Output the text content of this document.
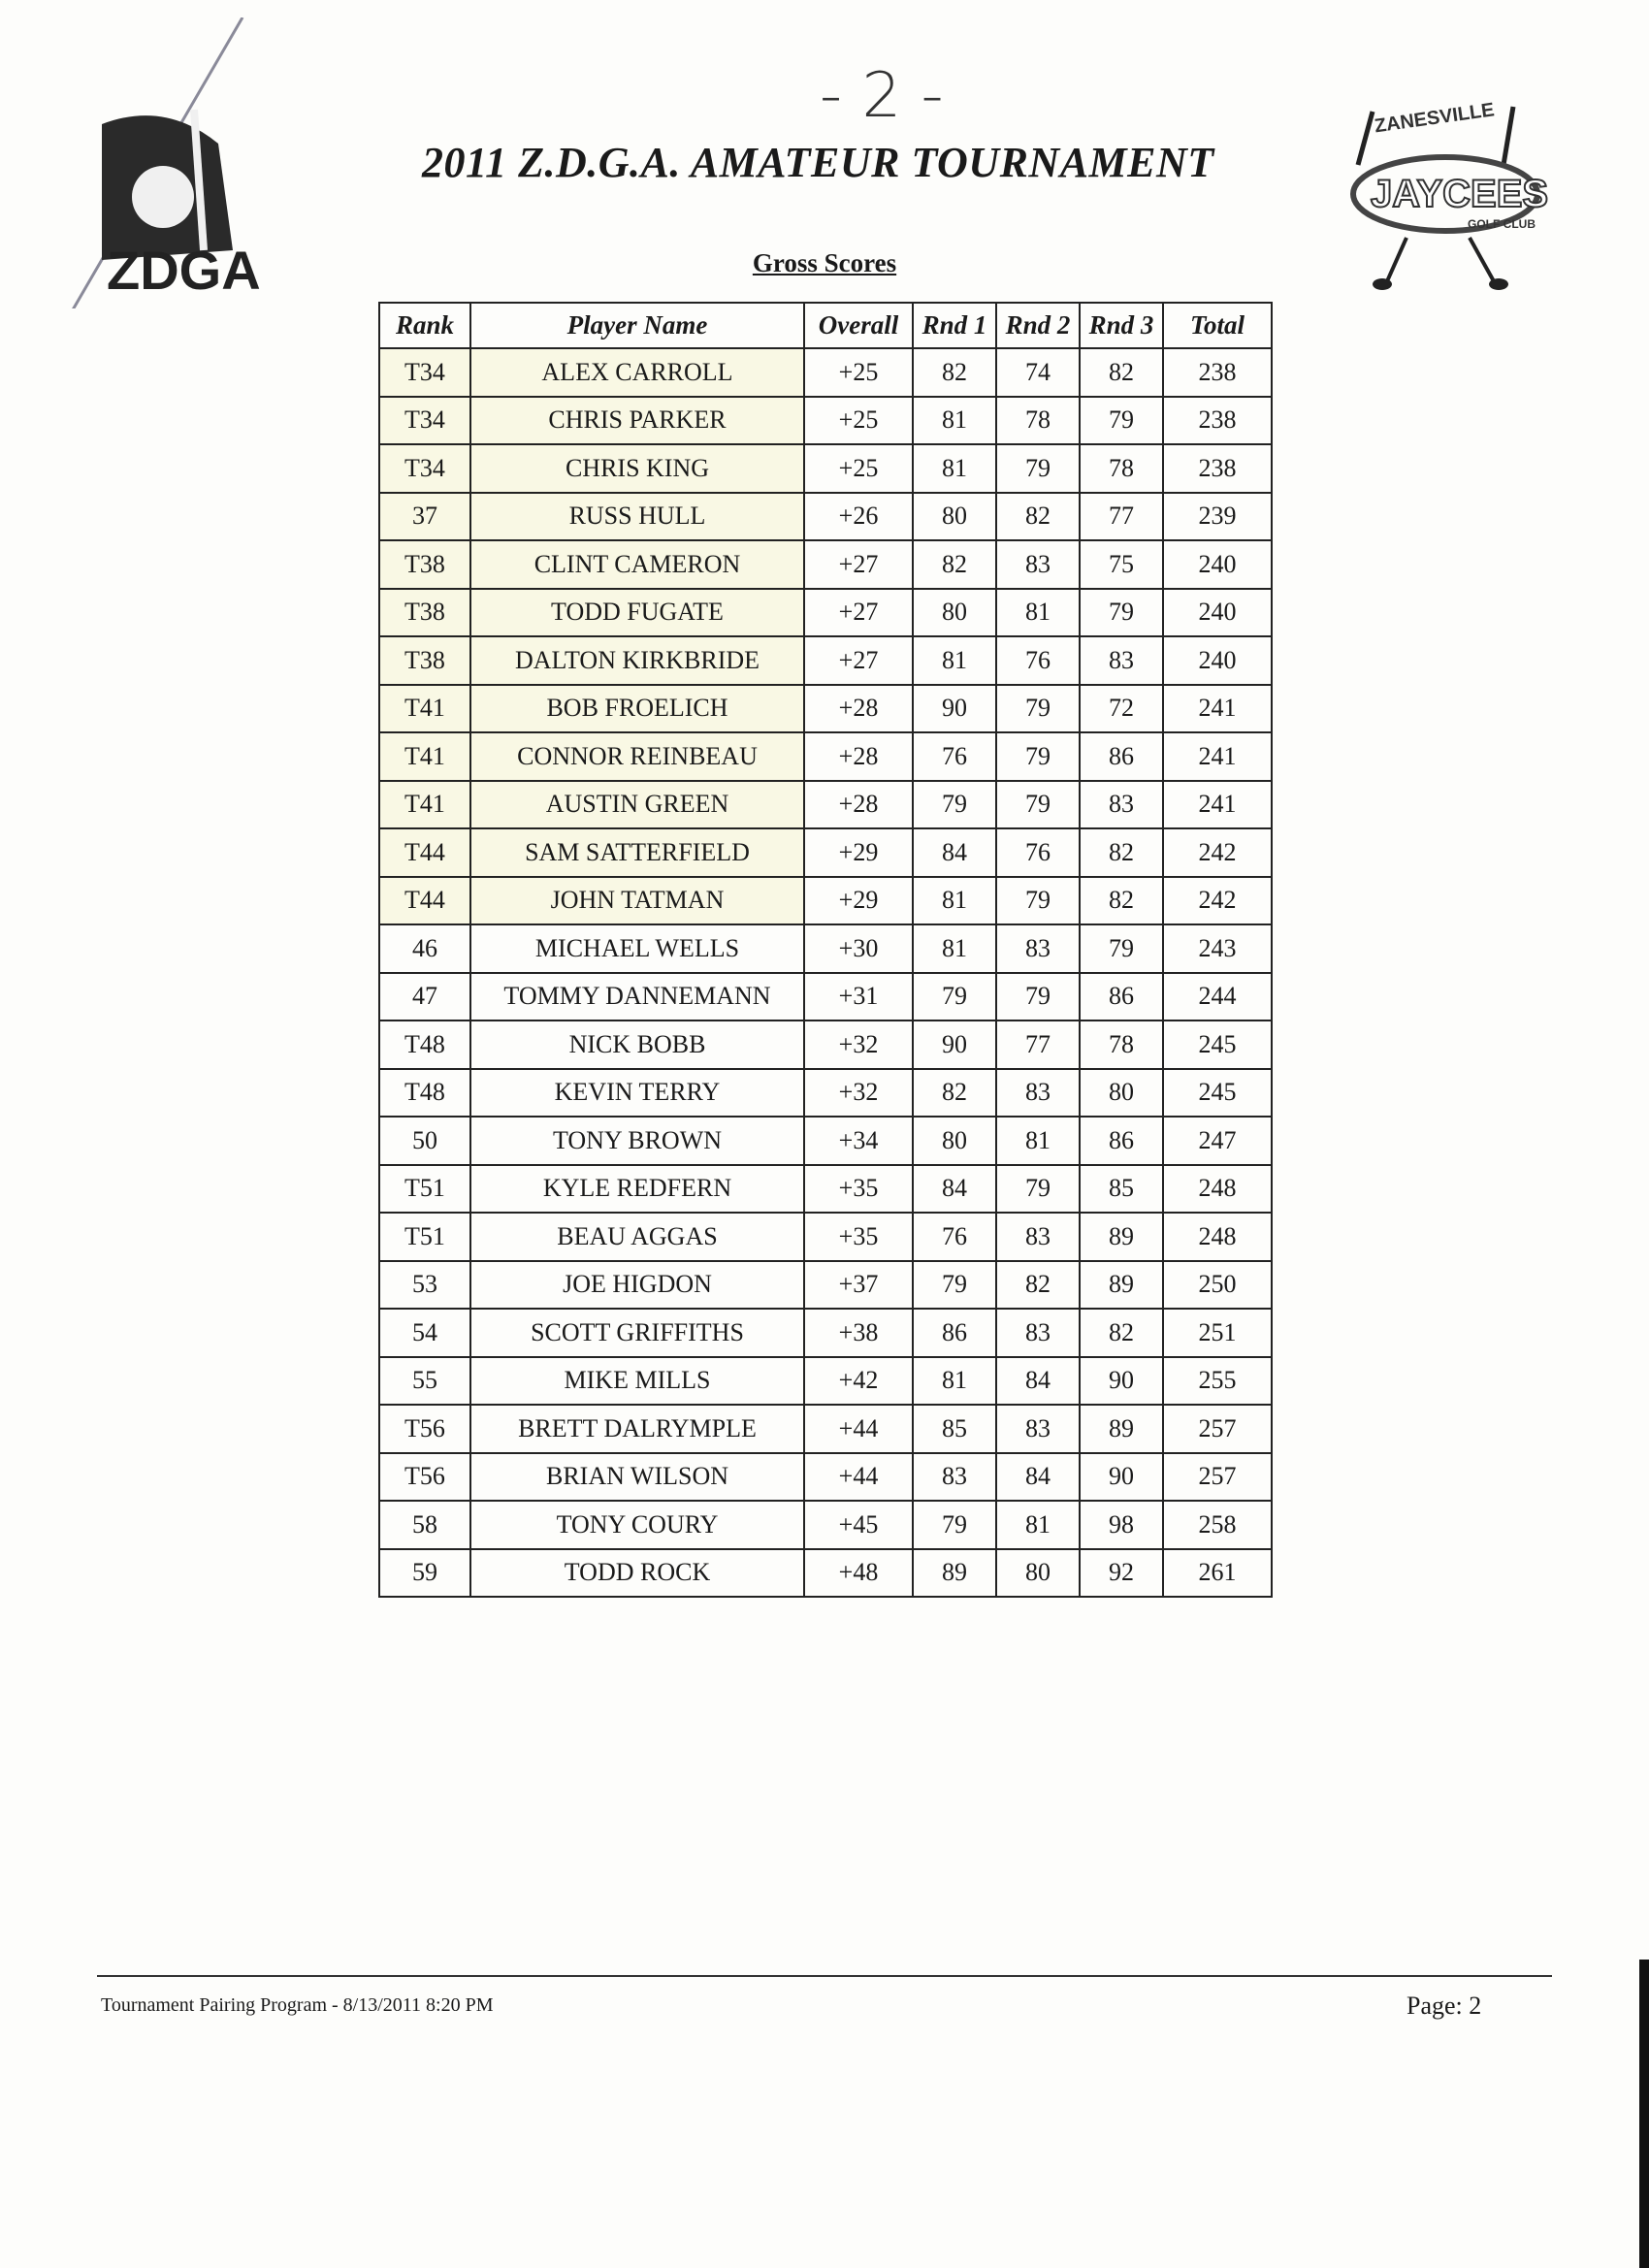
- 2 -
ZDGA
ZANESVILLE
JAYCEES
GOLF CLUB
2011 Z.D.G.A. AMATEUR TOURNAMENT
Gross Scores
Rank	Player Name	Overall	Rnd 1	Rnd 2	Rnd 3	Total
T34	ALEX CARROLL	+25	82	74	82	238
T34	CHRIS PARKER	+25	81	78	79	238
T34	CHRIS KING	+25	81	79	78	238
37	RUSS HULL	+26	80	82	77	239
T38	CLINT CAMERON	+27	82	83	75	240
T38	TODD FUGATE	+27	80	81	79	240
T38	DALTON KIRKBRIDE	+27	81	76	83	240
T41	BOB FROELICH	+28	90	79	72	241
T41	CONNOR REINBEAU	+28	76	79	86	241
T41	AUSTIN GREEN	+28	79	79	83	241
T44	SAM SATTERFIELD	+29	84	76	82	242
T44	JOHN TATMAN	+29	81	79	82	242
46	MICHAEL WELLS	+30	81	83	79	243
47	TOMMY DANNEMANN	+31	79	79	86	244
T48	NICK BOBB	+32	90	77	78	245
T48	KEVIN TERRY	+32	82	83	80	245
50	TONY BROWN	+34	80	81	86	247
T51	KYLE REDFERN	+35	84	79	85	248
T51	BEAU AGGAS	+35	76	83	89	248
53	JOE HIGDON	+37	79	82	89	250
54	SCOTT GRIFFITHS	+38	86	83	82	251
55	MIKE MILLS	+42	81	84	90	255
T56	BRETT DALRYMPLE	+44	85	83	89	257
T56	BRIAN WILSON	+44	83	84	90	257
58	TONY COURY	+45	79	81	98	258
59	TODD ROCK	+48	89	80	92	261
Tournament Pairing Program - 8/13/2011 8:20 PM	Page: 2
